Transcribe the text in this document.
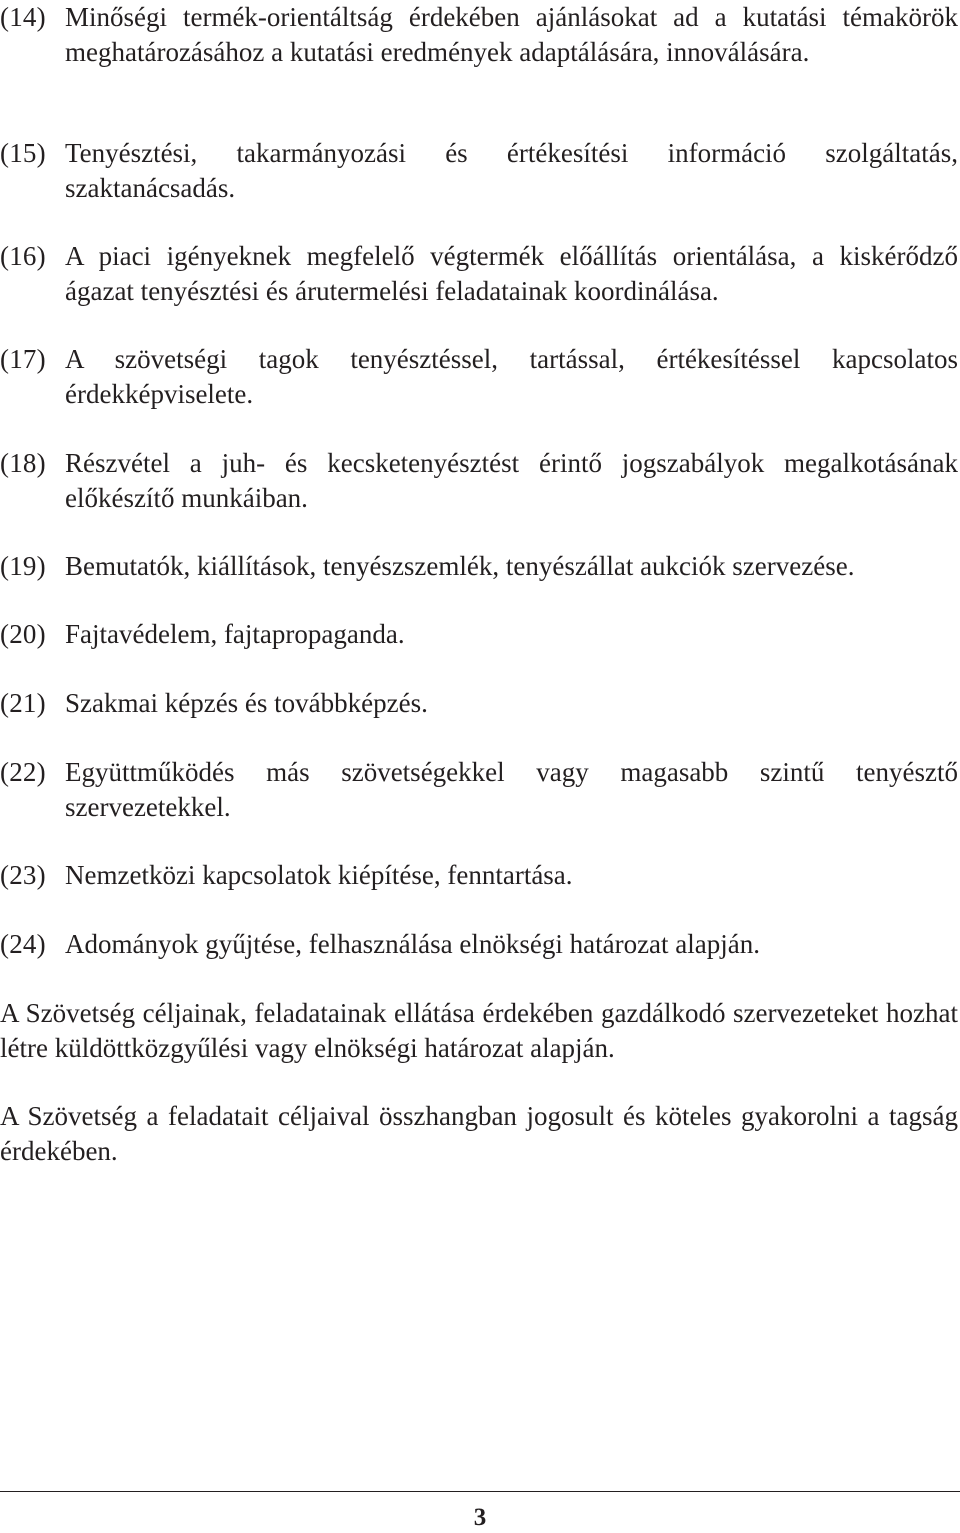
(14) Minőségi termék-orientáltság érdekében ajánlásokat ad a kutatási témakörök meghatározásához a kutatási eredmények adaptálására, innoválására.
(15) Tenyésztési, takarmányozási és értékesítési információ szolgáltatás, szaktanácsadás.
(16) A piaci igényeknek megfelelő végtermék előállítás orientálása, a kiskérődző ágazat tenyésztési és árutermelési feladatainak koordinálása.
(17) A szövetségi tagok tenyésztéssel, tartással, értékesítéssel kapcsolatos érdekképviselete.
(18) Részvétel a juh- és kecsketenyésztést érintő jogszabályok megalkotásának előkészítő munkáiban.
(19) Bemutatók, kiállítások, tenyészszemlék, tenyészállat aukciók szervezése.
(20) Fajtavédelem, fajtapropaganda.
(21) Szakmai képzés és továbbképzés.
(22) Együttműködés más szövetségekkel vagy magasabb szintű tenyésztő szervezetekkel.
(23) Nemzetközi kapcsolatok kiépítése, fenntartása.
(24) Adományok gyűjtése, felhasználása elnökségi határozat alapján.
A Szövetség céljainak, feladatainak ellátása érdekében gazdálkodó szervezeteket hozhat létre küldöttközgyűlési vagy elnökségi határozat alapján.
A Szövetség a feladatait céljaival összhangban jogosult és köteles gyakorolni a tagság érdekében.
3
